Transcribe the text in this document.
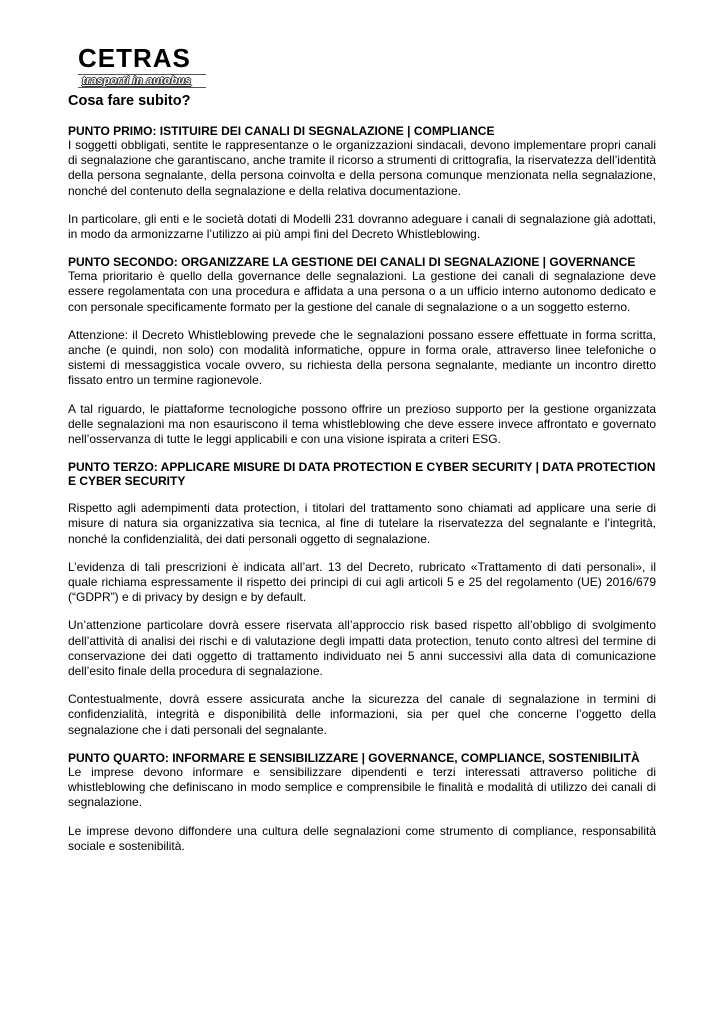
CETRAS
trasporti in autobus
Cosa fare subito?
PUNTO PRIMO: ISTITUIRE DEI CANALI DI SEGNALAZIONE | COMPLIANCE

I soggetti obbligati, sentite le rappresentanze o le organizzazioni sindacali, devono implementare propri canali di segnalazione che garantiscano, anche tramite il ricorso a strumenti di crittografia, la riservatezza dell’identità della persona segnalante, della persona coinvolta e della persona comunque menzionata nella segnalazione, nonché del contenuto della segnalazione e della relativa documentazione.

In particolare, gli enti e le società dotati di Modelli 231 dovranno adeguare i canali di segnalazione già adottati, in modo da armonizzarne l’utilizzo ai più ampi fini del Decreto Whistleblowing.

PUNTO SECONDO: ORGANIZZARE LA GESTIONE DEI CANALI DI SEGNALAZIONE | GOVERNANCE

Tema prioritario è quello della governance delle segnalazioni. La gestione dei canali di segnalazione deve essere regolamentata con una procedura e affidata a una persona o a un ufficio interno autonomo dedicato e con personale specificamente formato per la gestione del canale di segnalazione o a un soggetto esterno.

Attenzione: il Decreto Whistleblowing prevede che le segnalazioni possano essere effettuate in forma scritta, anche (e quindi, non solo) con modalità informatiche, oppure in forma orale, attraverso linee telefoniche o sistemi di messaggistica vocale ovvero, su richiesta della persona segnalante, mediante un incontro diretto fissato entro un termine ragionevole.

A tal riguardo, le piattaforme tecnologiche possono offrire un prezioso supporto per la gestione organizzata delle segnalazioni ma non esauriscono il tema whistleblowing che deve essere invece affrontato e governato nell’osservanza di tutte le leggi applicabili e con una visione ispirata a criteri ESG.

PUNTO TERZO: APPLICARE MISURE DI DATA PROTECTION E CYBER SECURITY | DATA PROTECTION E CYBER SECURITY

Rispetto agli adempimenti data protection, i titolari del trattamento sono chiamati ad applicare una serie di misure di natura sia organizzativa sia tecnica, al fine di tutelare la riservatezza del segnalante e l’integrità, nonché la confidenzialità, dei dati personali oggetto di segnalazione.

L’evidenza di tali prescrizioni è indicata all’art. 13 del Decreto, rubricato «Trattamento di dati personali», il quale richiama espressamente il rispetto dei principi di cui agli articoli 5 e 25 del regolamento (UE) 2016/679 (“GDPR”) e di privacy by design e by default.

Un’attenzione particolare dovrà essere riservata all’approccio risk based rispetto all’obbligo di svolgimento dell’attività di analisi dei rischi e di valutazione degli impatti data protection, tenuto conto altresì del termine di conservazione dei dati oggetto di trattamento individuato nei 5 anni successivi alla data di comunicazione dell’esito finale della procedura di segnalazione.

Contestualmente, dovrà essere assicurata anche la sicurezza del canale di segnalazione in termini di confidenzialità, integrità e disponibilità delle informazioni, sia per quel che concerne l’oggetto della segnalazione che i dati personali del segnalante.

PUNTO QUARTO: INFORMARE E SENSIBILIZZARE | GOVERNANCE, COMPLIANCE, SOSTENIBILITÀ

Le imprese devono informare e sensibilizzare dipendenti e terzi interessati attraverso politiche di whistleblowing che definiscano in modo semplice e comprensibile le finalità e modalità di utilizzo dei canali di segnalazione.

Le imprese devono diffondere una cultura delle segnalazioni come strumento di compliance, responsabilità sociale e sostenibilità.
